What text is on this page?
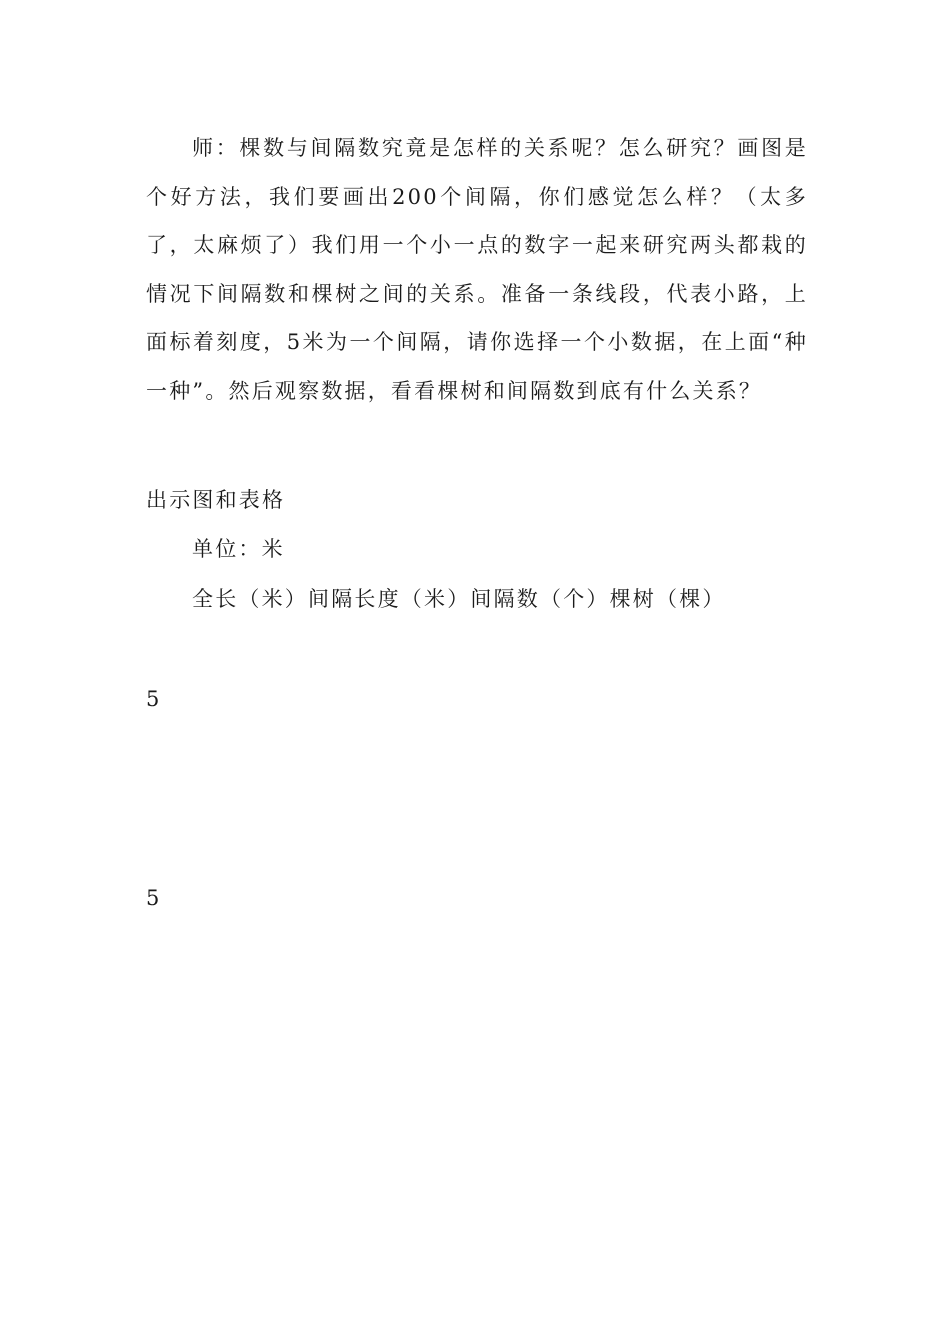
师：棵数与间隔数究竟是怎样的关系呢？怎么研究？画图是个好方法，我们要画出200个间隔，你们感觉怎么样？（太多了，太麻烦了）我们用一个小一点的数字一起来研究两头都栽的情况下间隔数和棵树之间的关系。准备一条线段，代表小路，上面标着刻度，5米为一个间隔，请你选择一个小数据，在上面“种一种”。然后观察数据，看看棵树和间隔数到底有什么关系？

出示图和表格

单位：米

全长（米）间隔长度（米）间隔数（个）棵树（棵）

5

5
